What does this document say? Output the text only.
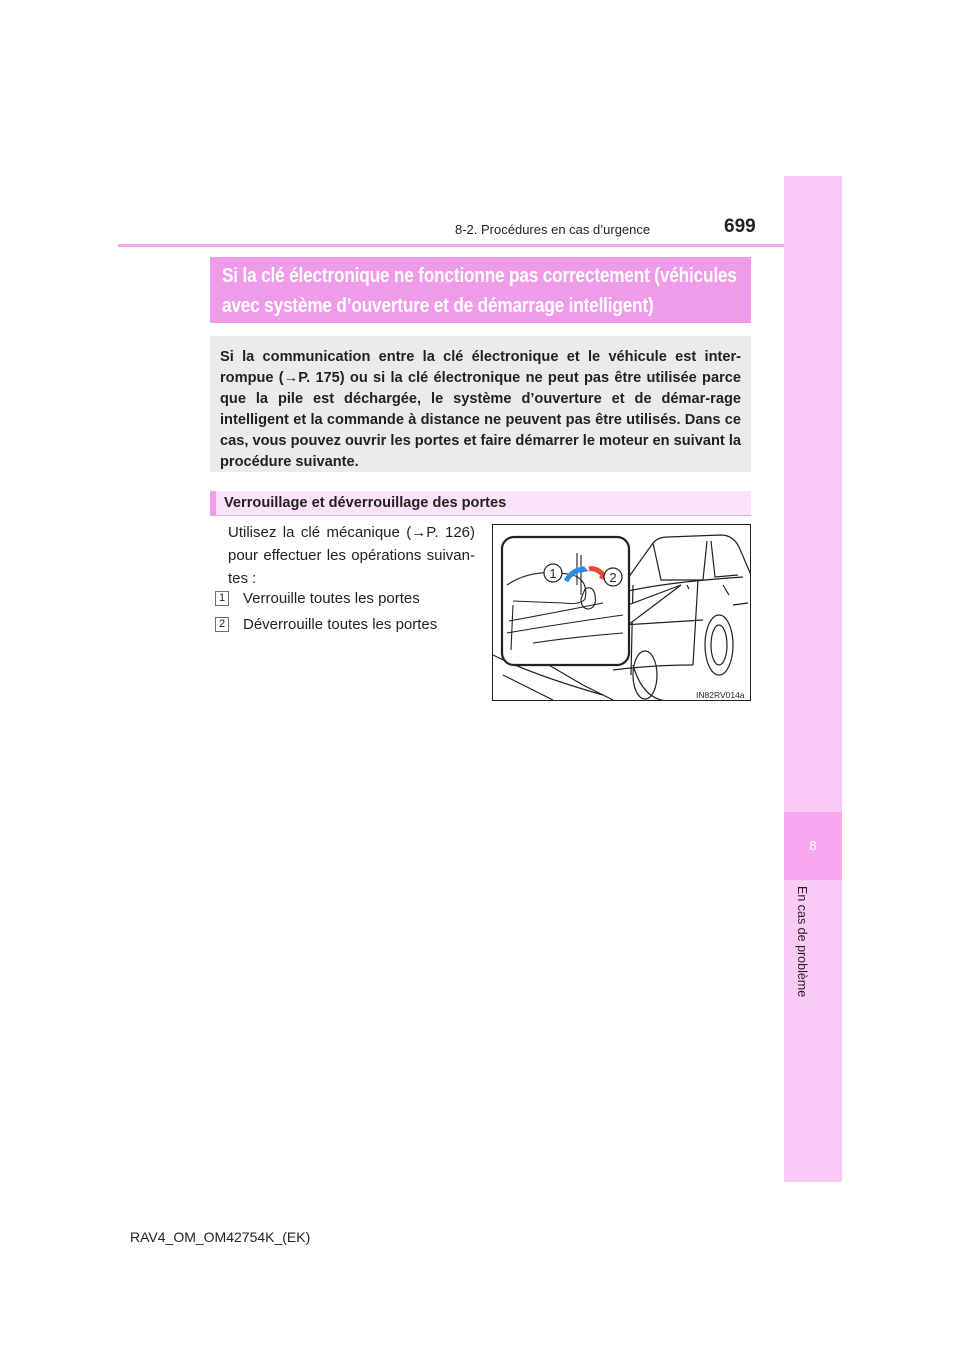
8
En cas de problème
8-2. Procédures en cas d’urgence	699
Si la clé électronique ne fonctionne pas correctement (véhicules
avec système d’ouverture et de démarrage intelligent)
Si la communication entre la clé électronique et le véhicule est inter-rompue (→P. 175) ou si la clé électronique ne peut pas être utilisée parce que la pile est déchargée, le système d’ouverture et de démar-rage intelligent et la commande à distance ne peuvent pas être utilisés. Dans ce cas, vous pouvez ouvrir les portes et faire démarrer le moteur en suivant la procédure suivante.
Verrouillage et déverrouillage des portes
Utilisez la clé mécanique (→P. 126) pour effectuer les opérations suivan-tes :
1 Verrouille toutes les portes
2 Déverrouille toutes les portes
1	2
IN82RV014a
RAV4_OM_OM42754K_(EK)
